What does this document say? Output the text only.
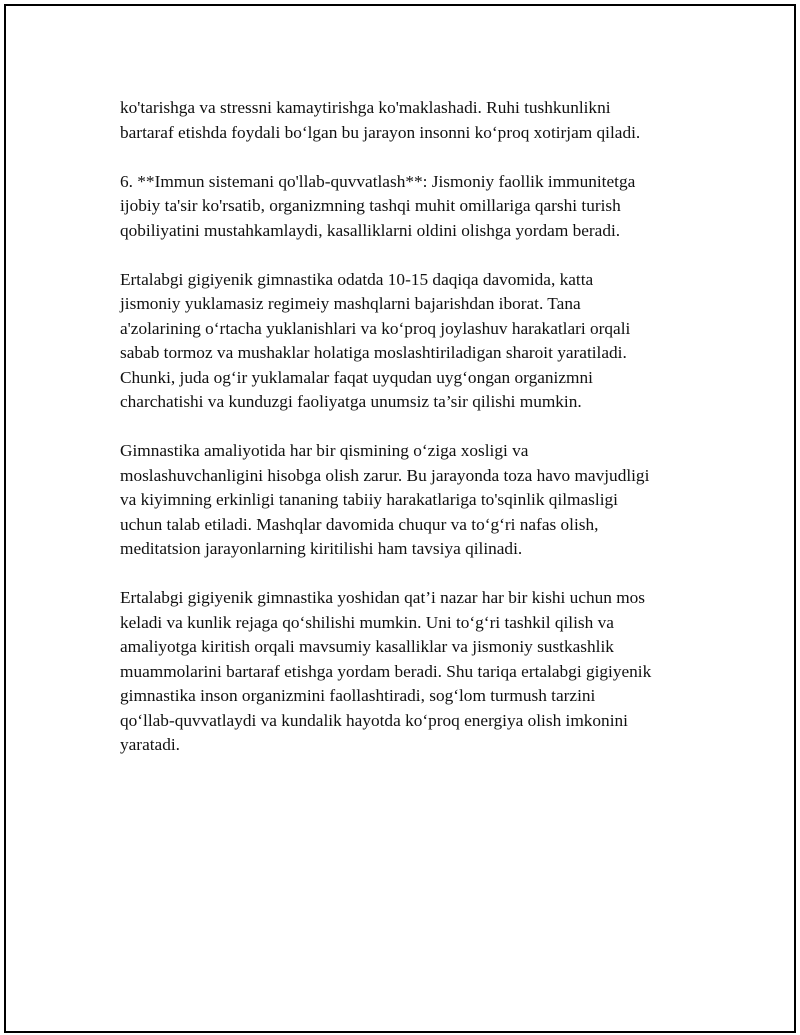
ko'tarishga va stressni kamaytirishga ko'maklashadi. Ruhi tushkunlikni
bartaraf etishda foydali bo‘lgan bu jarayon insonni ko‘proq xotirjam qiladi.

6. **Immun sistemani qo'llab-quvvatlash**: Jismoniy faollik immunitetga
ijobiy ta'sir ko'rsatib, organizmning tashqi muhit omillariga qarshi turish
qobiliyatini mustahkamlaydi, kasalliklarni oldini olishga yordam beradi.

Ertalabgi gigiyenik gimnastika odatda 10-15 daqiqa davomida, katta
jismoniy yuklamasiz regimeiy mashqlarni bajarishdan iborat. Tana
a'zolarining o‘rtacha yuklanishlari va ko‘proq joylashuv harakatlari orqali
sabab tormoz va mushaklar holatiga moslashtiriladigan sharoit yaratiladi.
Chunki, juda og‘ir yuklamalar faqat uyqudan uyg‘ongan organizmni
charchatishi va kunduzgi faoliyatga unumsiz ta’sir qilishi mumkin.

Gimnastika amaliyotida har bir qismining o‘ziga xosligi va
moslashuvchanligini hisobga olish zarur. Bu jarayonda toza havo mavjudligi
va kiyimning erkinligi tananing tabiiy harakatlariga to'sqinlik qilmasligi
uchun talab etiladi. Mashqlar davomida chuqur va to‘g‘ri nafas olish,
meditatsion jarayonlarning kiritilishi ham tavsiya qilinadi.

Ertalabgi gigiyenik gimnastika yoshidan qat’i nazar har bir kishi uchun mos
keladi va kunlik rejaga qo‘shilishi mumkin. Uni to‘g‘ri tashkil qilish va
amaliyotga kiritish orqali mavsumiy kasalliklar va jismoniy sustkashlik
muammolarini bartaraf etishga yordam beradi. Shu tariqa ertalabgi gigiyenik
gimnastika inson organizmini faollashtiradi, sog‘lom turmush tarzini
qo‘llab-quvvatlaydi va kundalik hayotda ko‘proq energiya olish imkonini
yaratadi.
